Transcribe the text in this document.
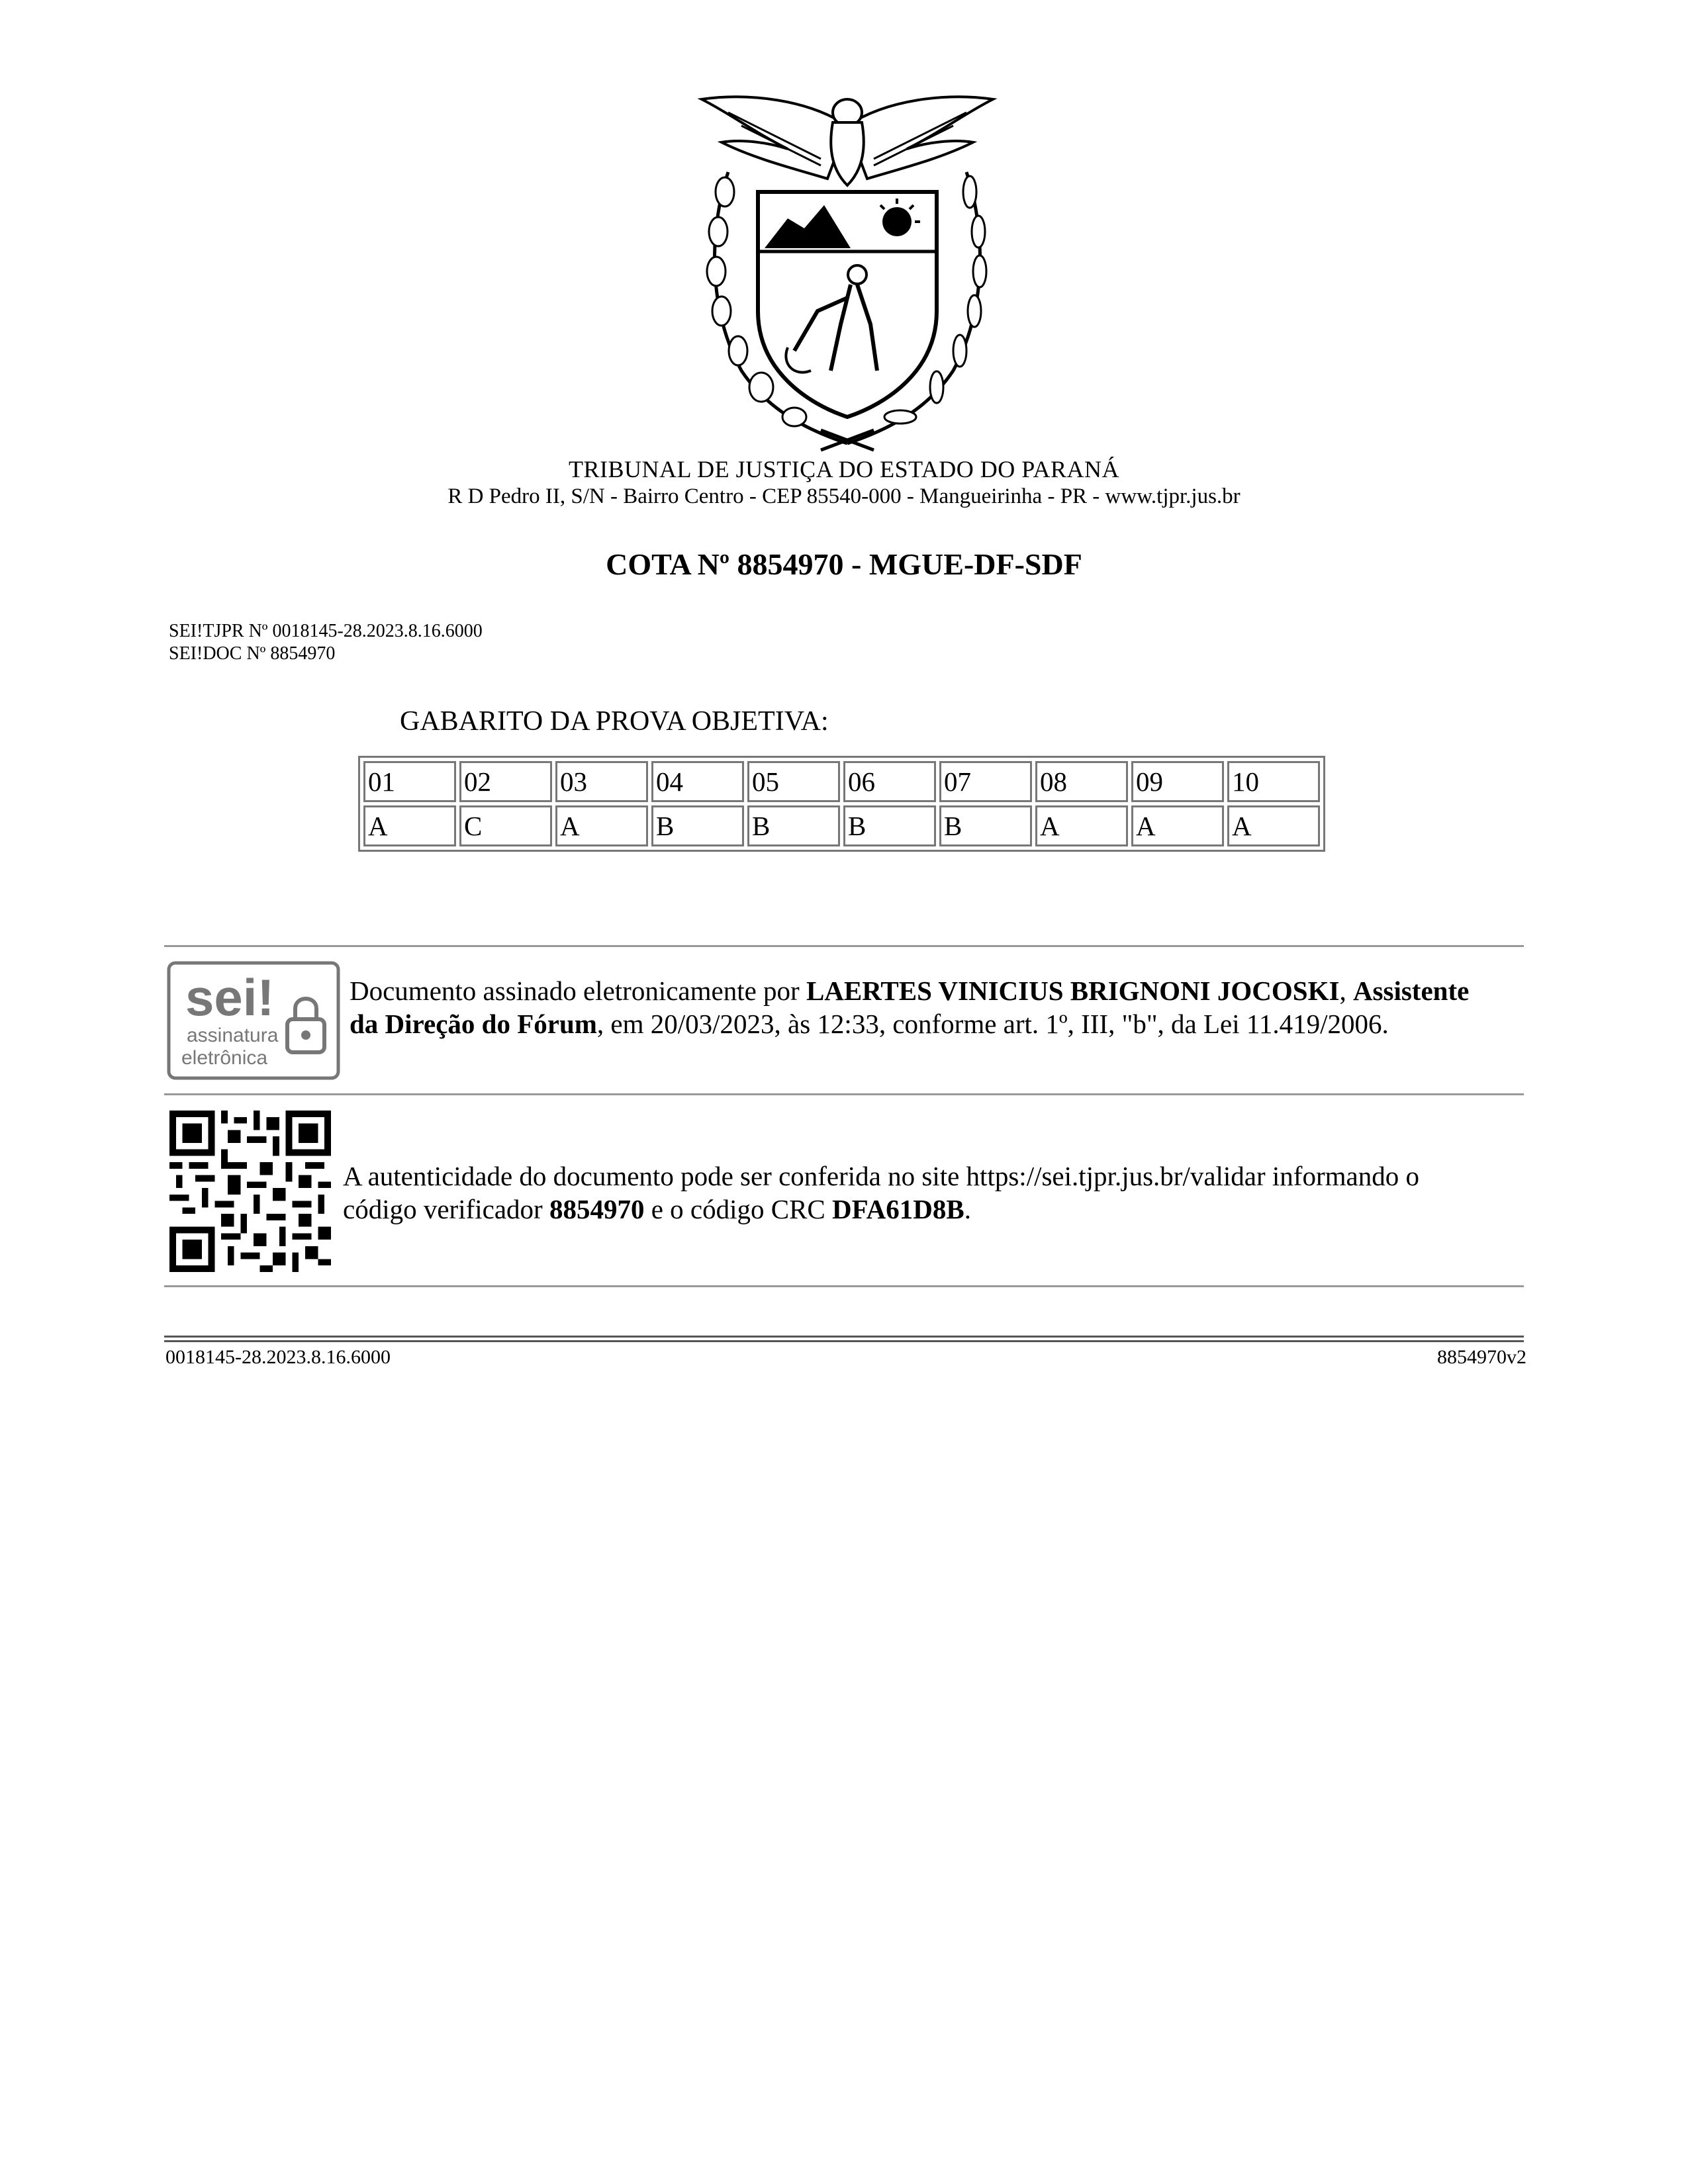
TRIBUNAL DE JUSTIÇA DO ESTADO DO PARANÁ
R D Pedro II, S/N - Bairro Centro - CEP 85540-000 - Mangueirinha - PR - www.tjpr.jus.br
COTA Nº 8854970 - MGUE-DF-SDF
SEI!TJPR Nº 0018145-28.2023.8.16.6000
SEI!DOC Nº 8854970
GABARITO DA PROVA OBJETIVA:
01	02	03	04	05	06	07	08	09	10
A	C	A	B	B	B	B	A	A	A
sei!
assinatura
eletrônica
Documento assinado eletronicamente por LAERTES VINICIUS BRIGNONI JOCOSKI, Assistente da Direção do Fórum, em 20/03/2023, às 12:33, conforme art. 1º, III, "b", da Lei 11.419/2006.
A autenticidade do documento pode ser conferida no site https://sei.tjpr.jus.br/validar informando o código verificador 8854970 e o código CRC DFA61D8B.
0018145-28.2023.8.16.6000	8854970v2
